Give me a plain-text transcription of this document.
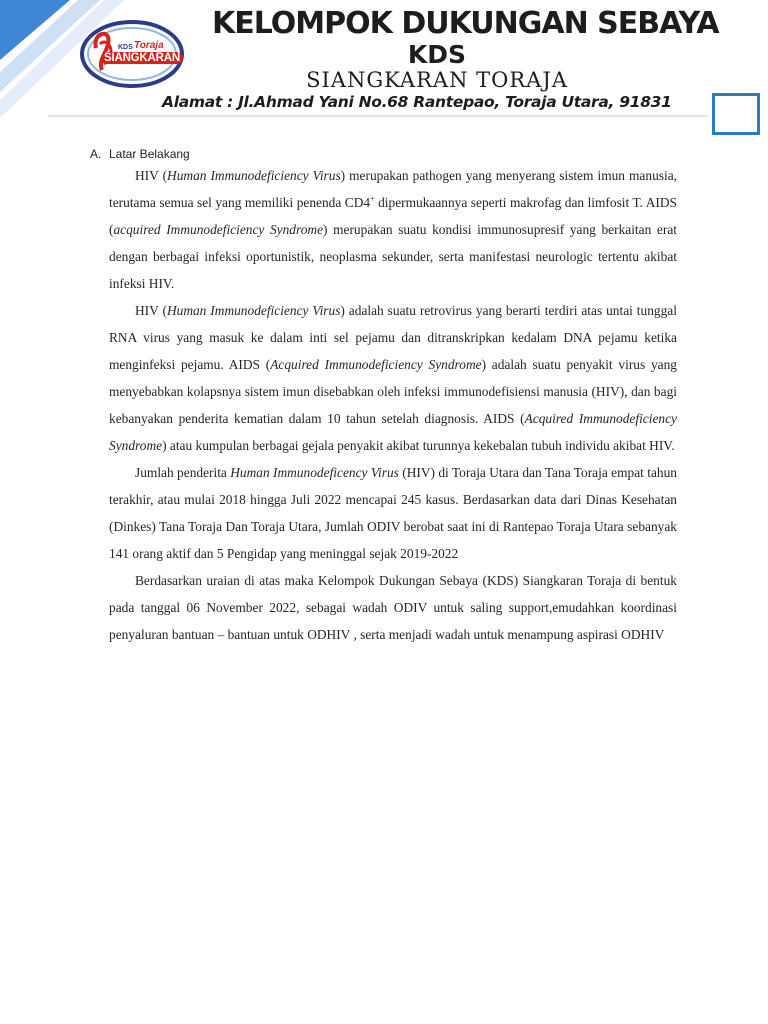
KDS Toraja
SIANGKARAN
KELOMPOK DUKUNGAN SEBAYA
KDS
SIANGKARAN TORAJA
Alamat : Jl.Ahmad Yani No.68 Rantepao, Toraja Utara, 91831
A. Latar Belakang

HIV (Human Immunodeficiency Virus) merupakan pathogen yang menyerang sistem imun manusia, terutama semua sel yang memiliki penenda CD4+ dipermukaannya seperti makrofag dan limfosit T. AIDS (acquired Immunodeficiency Syndrome) merupakan suatu kondisi immunosupresif yang berkaitan erat dengan berbagai infeksi oportunistik, neoplasma sekunder, serta manifestasi neurologic tertentu akibat infeksi HIV.

HIV (Human Immunodeficiency Virus) adalah suatu retrovirus yang berarti terdiri atas untai tunggal RNA virus yang masuk ke dalam inti sel pejamu dan ditranskripkan kedalam DNA pejamu ketika menginfeksi pejamu. AIDS (Acquired Immunodeficiency Syndrome) adalah suatu penyakit virus yang menyebabkan kolapsnya sistem imun disebabkan oleh infeksi immunodefisiensi manusia (HIV), dan bagi kebanyakan penderita kematian dalam 10 tahun setelah diagnosis. AIDS (Acquired Immunodeficiency Syndrome) atau kumpulan berbagai gejala penyakit akibat turunnya kekebalan tubuh individu akibat HIV.

Jumlah penderita Human Immunodeficency Virus (HIV) di Toraja Utara dan Tana Toraja empat tahun terakhir, atau mulai 2018 hingga Juli 2022 mencapai 245 kasus. Berdasarkan data dari Dinas Kesehatan (Dinkes) Tana Toraja Dan Toraja Utara, Jumlah ODIV berobat saat ini di Rantepao Toraja Utara sebanyak 141 orang aktif dan 5 Pengidap yang meninggal sejak 2019-2022

Berdasarkan uraian di atas maka Kelompok Dukungan Sebaya (KDS) Siangkaran Toraja di bentuk pada tanggal 06 November 2022, sebagai wadah ODIV untuk saling support,emudahkan koordinasi penyaluran bantuan – bantuan untuk ODHIV , serta menjadi wadah untuk menampung aspirasi ODHIV
